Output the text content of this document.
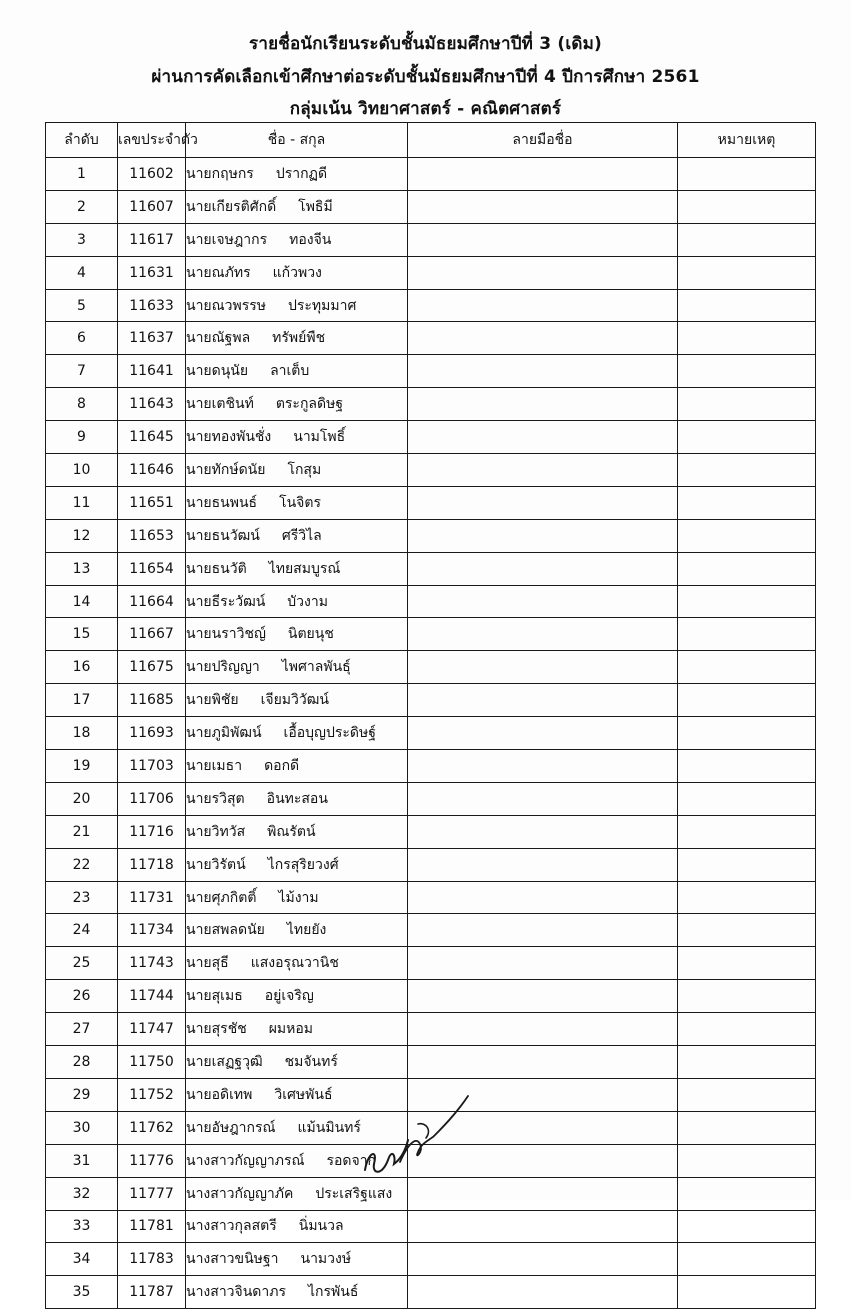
รายชื่อนักเรียนระดับชั้นมัธยมศึกษาปีที่ 3 (เดิม)
ผ่านการคัดเลือกเข้าศึกษาต่อระดับชั้นมัธยมศึกษาปีที่ 4 ปีการศึกษา 2561
กลุ่มเน้น วิทยาศาสตร์ - คณิตศาสตร์
ลำดับ	เลขประจำตัว	ชื่อ - สกุล	ลายมือชื่อ	หมายเหตุ
1	11602	นายกฤษกร ปรากฏดี		
2	11607	นายเกียรติศักดิ์ โพธิมี		
3	11617	นายเจษฎากร ทองจีน		
4	11631	นายณภัทร แก้วพวง		
5	11633	นายณวพรรษ ประทุมมาศ		
6	11637	นายณัฐพล ทรัพย์พืช		
7	11641	นายดนุนัย ลาเต็บ		
8	11643	นายเตชินท์ ตระกูลดิษฐ		
9	11645	นายทองพันชั่ง นามโพธิ์		
10	11646	นายทักษ์ดนัย โกสุม		
11	11651	นายธนพนธ์ โนจิตร		
12	11653	นายธนวัฒน์ ศรีวิไล		
13	11654	นายธนวัติ ไทยสมบูรณ์		
14	11664	นายธีระวัฒน์ บัวงาม		
15	11667	นายนราวิชญ์ นิตยนุช		
16	11675	นายปริญญา ไพศาลพันธุ์		
17	11685	นายพิชัย เจียมวิวัฒน์		
18	11693	นายภูมิพัฒน์ เอื้อบุญประดิษฐ์		
19	11703	นายเมธา ดอกดี		
20	11706	นายรวิสุต อินทะสอน		
21	11716	นายวิทวัส พิณรัตน์		
22	11718	นายวิรัตน์ ไกรสุริยวงศ์		
23	11731	นายศุภกิตติ์ ไม้งาม		
24	11734	นายสพลดนัย ไทยยัง		
25	11743	นายสุธี แสงอรุณวานิช		
26	11744	นายสุเมธ อยู่เจริญ		
27	11747	นายสุรชัช ผมหอม		
28	11750	นายเสฏฐวุฒิ ชมจันทร์		
29	11752	นายอดิเทพ วิเศษพันธ์		
30	11762	นายอัษฎากรณ์ แม้นมินทร์		
31	11776	นางสาวกัญญาภรณ์ รอดจาก		
32	11777	นางสาวกัญญาภัค ประเสริฐแสง		
33	11781	นางสาวกุลสตรี นิ่มนวล		
34	11783	นางสาวขนิษฐา นามวงษ์		
35	11787	นางสาวจินดาภร ไกรพันธ์		
